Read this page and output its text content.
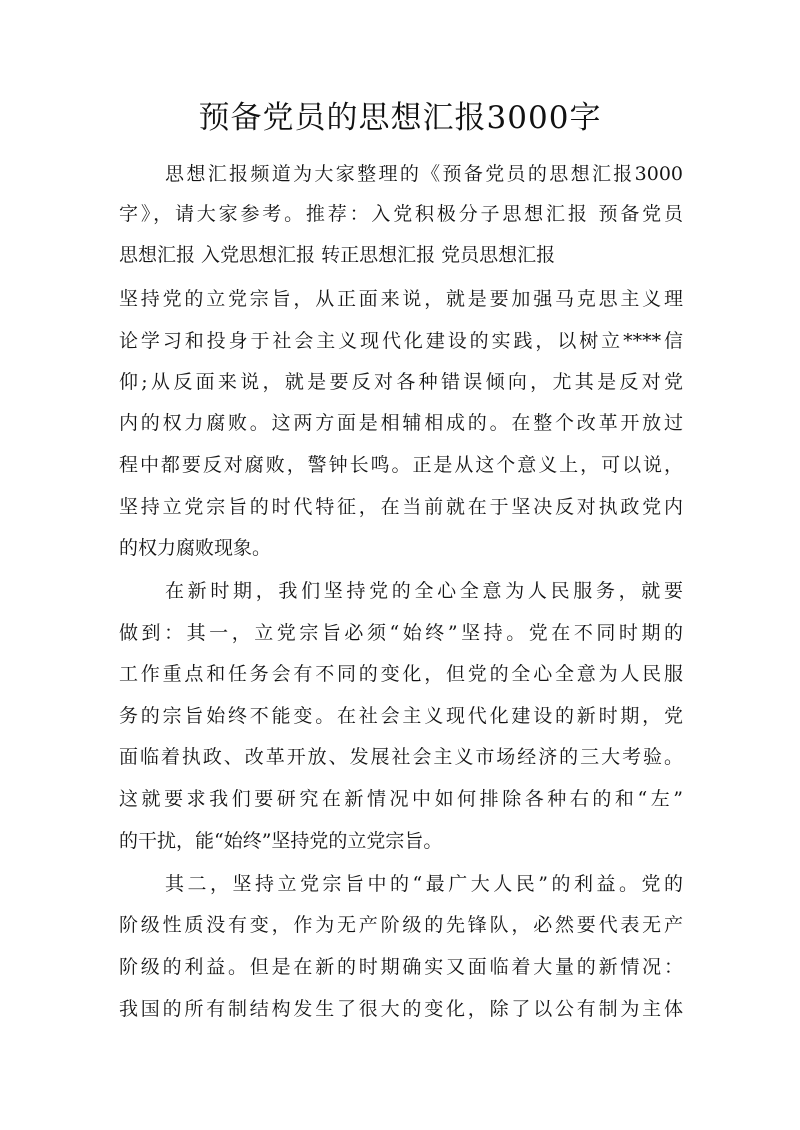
预备党员的思想汇报3000字
思想汇报频道为大家整理的《预备党员的思想汇报3000
字》，请大家参考。推荐：入党积极分子思想汇报 预备党员
思想汇报 入党思想汇报 转正思想汇报 党员思想汇报
坚持党的立党宗旨，从正面来说，就是要加强马克思主义理
论学习和投身于社会主义现代化建设的实践，以树立****信
仰;从反面来说，就是要反对各种错误倾向，尤其是反对党
内的权力腐败。这两方面是相辅相成的。在整个改革开放过
程中都要反对腐败，警钟长鸣。正是从这个意义上，可以说，
坚持立党宗旨的时代特征，在当前就在于坚决反对执政党内
的权力腐败现象。
在新时期，我们坚持党的全心全意为人民服务，就要
做到：其一，立党宗旨必须“始终”坚持。党在不同时期的
工作重点和任务会有不同的变化，但党的全心全意为人民服
务的宗旨始终不能变。在社会主义现代化建设的新时期，党
面临着执政、改革开放、发展社会主义市场经济的三大考验。
这就要求我们要研究在新情况中如何排除各种右的和“左”
的干扰，能“始终”坚持党的立党宗旨。
其二，坚持立党宗旨中的“最广大人民”的利益。党的
阶级性质没有变，作为无产阶级的先锋队，必然要代表无产
阶级的利益。但是在新的时期确实又面临着大量的新情况：
我国的所有制结构发生了很大的变化，除了以公有制为主体
